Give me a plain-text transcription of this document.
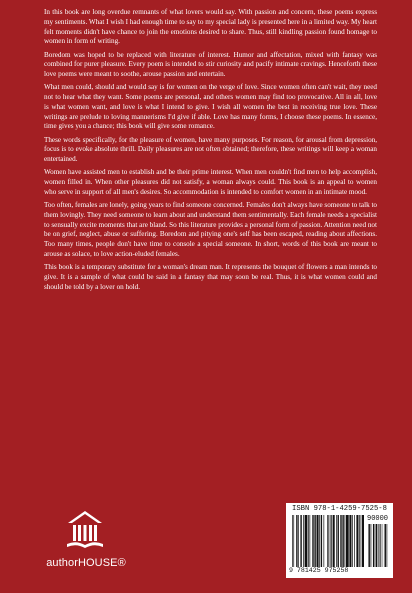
In this book are long overdue remnants of what lovers would say. With passion and concern, these poems express my sentiments. What I wish I had enough time to say to my special lady is presented here in a limited way. My heart felt moments didn't have chance to join the emotions desired to share. Thus, still kindling passion found homage to women in form of writing.

Boredom was hoped to be replaced with literature of interest. Humor and affectation, mixed with fantasy was combined for purer pleasure. Every poem is intended to stir curiosity and pacify intimate cravings. Henceforth these love poems were meant to soothe, arouse passion and entertain.

What men could, should and would say is for women on the verge of love. Since women often can't wait, they need not to hear what they want. Some poems are personal, and others women may find too provocative. All in all, love is what women want, and love is what I intend to give. I wish all women the best in receiving true love. These writings are prelude to loving mannerisms I'd give if able. Love has many forms, I choose these poems. In essence, time gives you a chance; this book will give some romance.

These words specifically, for the pleasure of women, have many purposes. For reason, for arousal from depression, focus is to evoke absolute thrill. Daily pleasures are not often obtained; therefore, these writings will keep a woman entertained.

Women have assisted men to establish and be their prime interest. When men couldn't find men to help accomplish, women filled in. When other pleasures did not satisfy, a woman always could. This book is an appeal to women who serve in support of all men's desires. So accommodation is intended to comfort women in an intimate mood.

Too often, females are lonely, going years to find someone concerned. Females don't always have someone to talk to them lovingly. They need someone to learn about and understand them sentimentally. Each female needs a specialist to sensually excite moments that are bland. So this literature provides a personal form of passion. Attention need not be on grief, neglect, abuse or suffering. Boredom and pitying one's self has been escaped, reading about affections. Too many times, people don't have time to console a special someone. In short, words of this book are meant to arouse as solace, to love action-eluded females.

This book is a temporary substitute for a woman's dream man. It represents the bouquet of flowers a man intends to give. It is a sample of what could be said in a fantasy that may soon be real. Thus, it is what women could and should be told by a lover on hold.

authorHOUSE®
ISBN 978-1-4259-7525-8
90000
9 781425 975258
